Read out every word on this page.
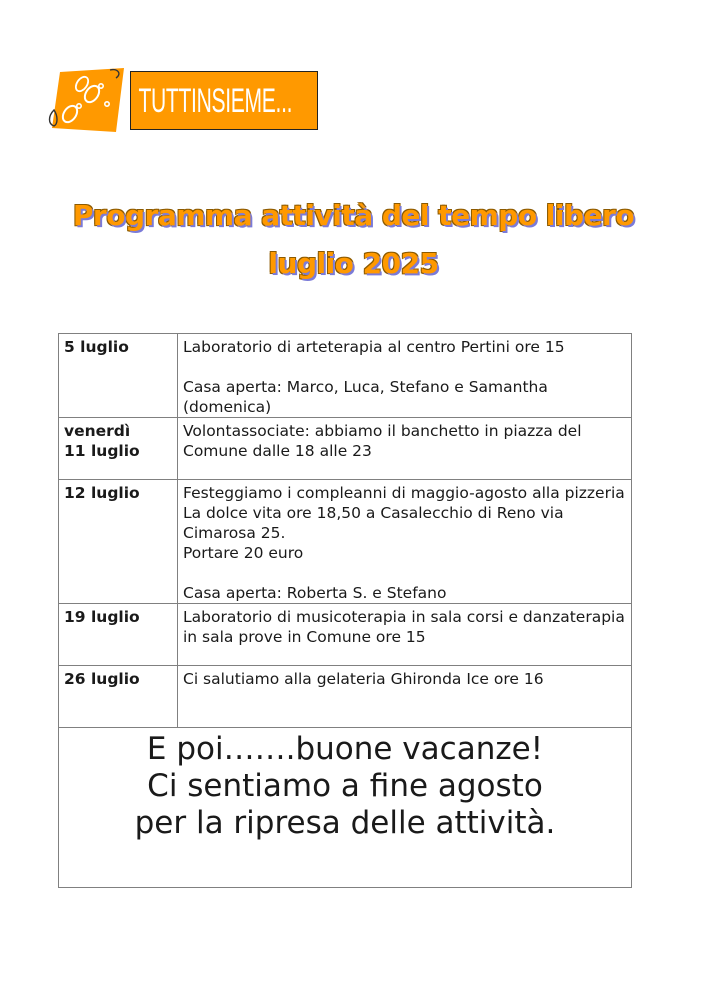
TUTTINSIEME...
Programma attività del tempo libero
luglio 2025
5 luglio	Laboratorio di arteterapia al centro Pertini ore 15

Casa aperta: Marco, Luca, Stefano e Samantha (domenica)

venerdì
11 luglio	Volontassociate: abbiamo il banchetto in piazza del Comune dalle 18 alle 23

12 luglio	Festeggiamo i compleanni di maggio-agosto alla pizzeria La dolce vita ore 18,50 a Casalecchio di Reno via Cimarosa 25.

Portare 20 euro

Casa aperta: Roberta S. e Stefano

19 luglio	Laboratorio di musicoterapia in sala corsi e danzaterapia in sala prove in Comune ore 15

26 luglio	Ci salutiamo alla gelateria Ghironda Ice ore 16

E poi…….buone vacanze!
Ci sentiamo a fine agosto
per la ripresa delle attività.	
